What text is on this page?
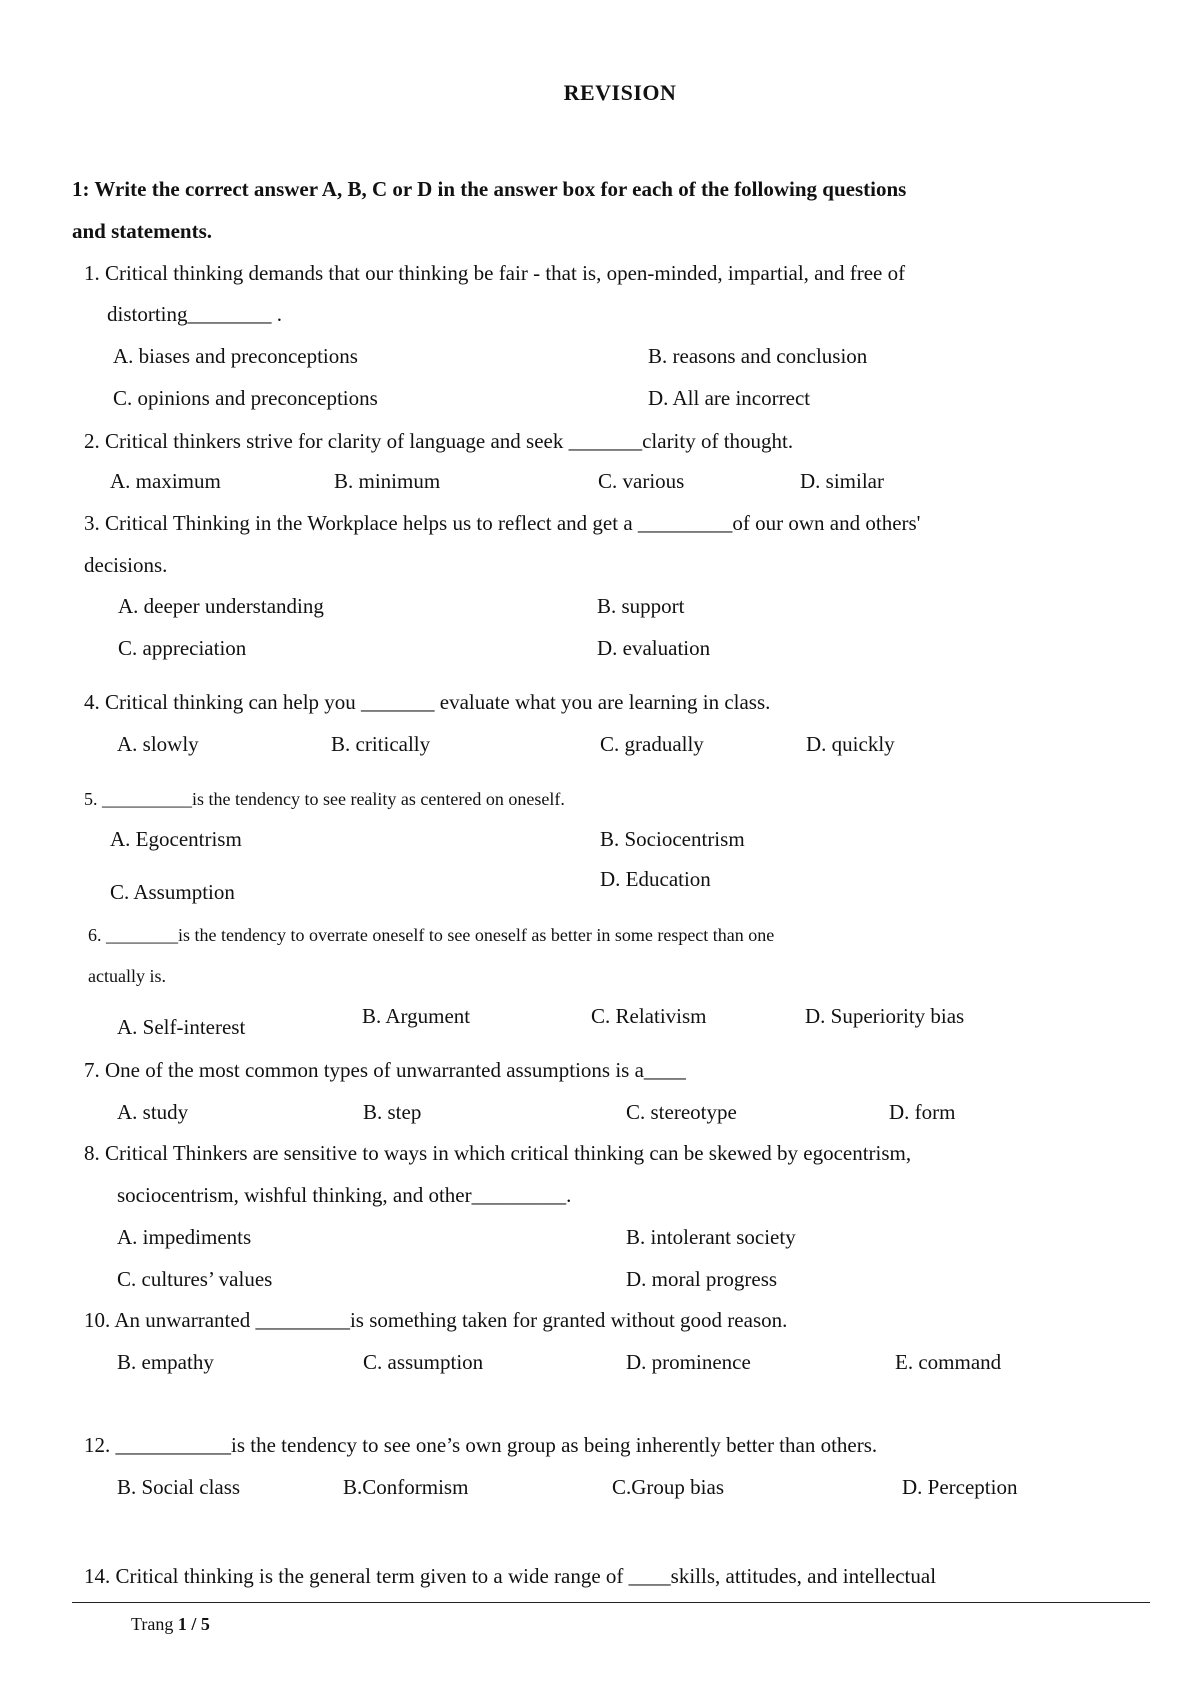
REVISION
1: Write the correct answer A, B, C or D in the answer box for each of the following questions
and statements.
1. Critical thinking demands that our thinking be fair - that is, open-minded, impartial, and free of
distorting________ .
A. biases and preconceptions	B. reasons and conclusion
C. opinions and preconceptions	D. All are incorrect
2. Critical thinkers strive for clarity of language and seek _______clarity of thought.
A. maximum	B. minimum	C. various	D. similar
3. Critical Thinking in the Workplace helps us to reflect and get a _________of our own and others'
decisions.
A. deeper understanding	B. support
C. appreciation	D. evaluation
4. Critical thinking can help you _______ evaluate what you are learning in class.
A. slowly	B. critically	C. gradually	D. quickly
5. __________is the tendency to see reality as centered on oneself.
A. Egocentrism	B. Sociocentrism
C. Assumption
D. Education
6. ________is the tendency to overrate oneself to see oneself as better in some respect than one
actually is.
A. Self-interest	B. Argument	C. Relativism	D. Superiority bias
7. One of the most common types of unwarranted assumptions is a____
A. study	B. step	C. stereotype	D. form
8. Critical Thinkers are sensitive to ways in which critical thinking can be skewed by egocentrism,
sociocentrism, wishful thinking, and other_________.
A. impediments	B. intolerant society
C. cultures’ values	D. moral progress
10. An unwarranted _________is something taken for granted without good reason.
B. empathy	C. assumption	D. prominence	E. command
12. ___________is the tendency to see one’s own group as being inherently better than others.
B. Social class	B.Conformism	C.Group bias	D. Perception
14. Critical thinking is the general term given to a wide range of ____skills, attitudes, and intellectual
Trang 1 / 5
